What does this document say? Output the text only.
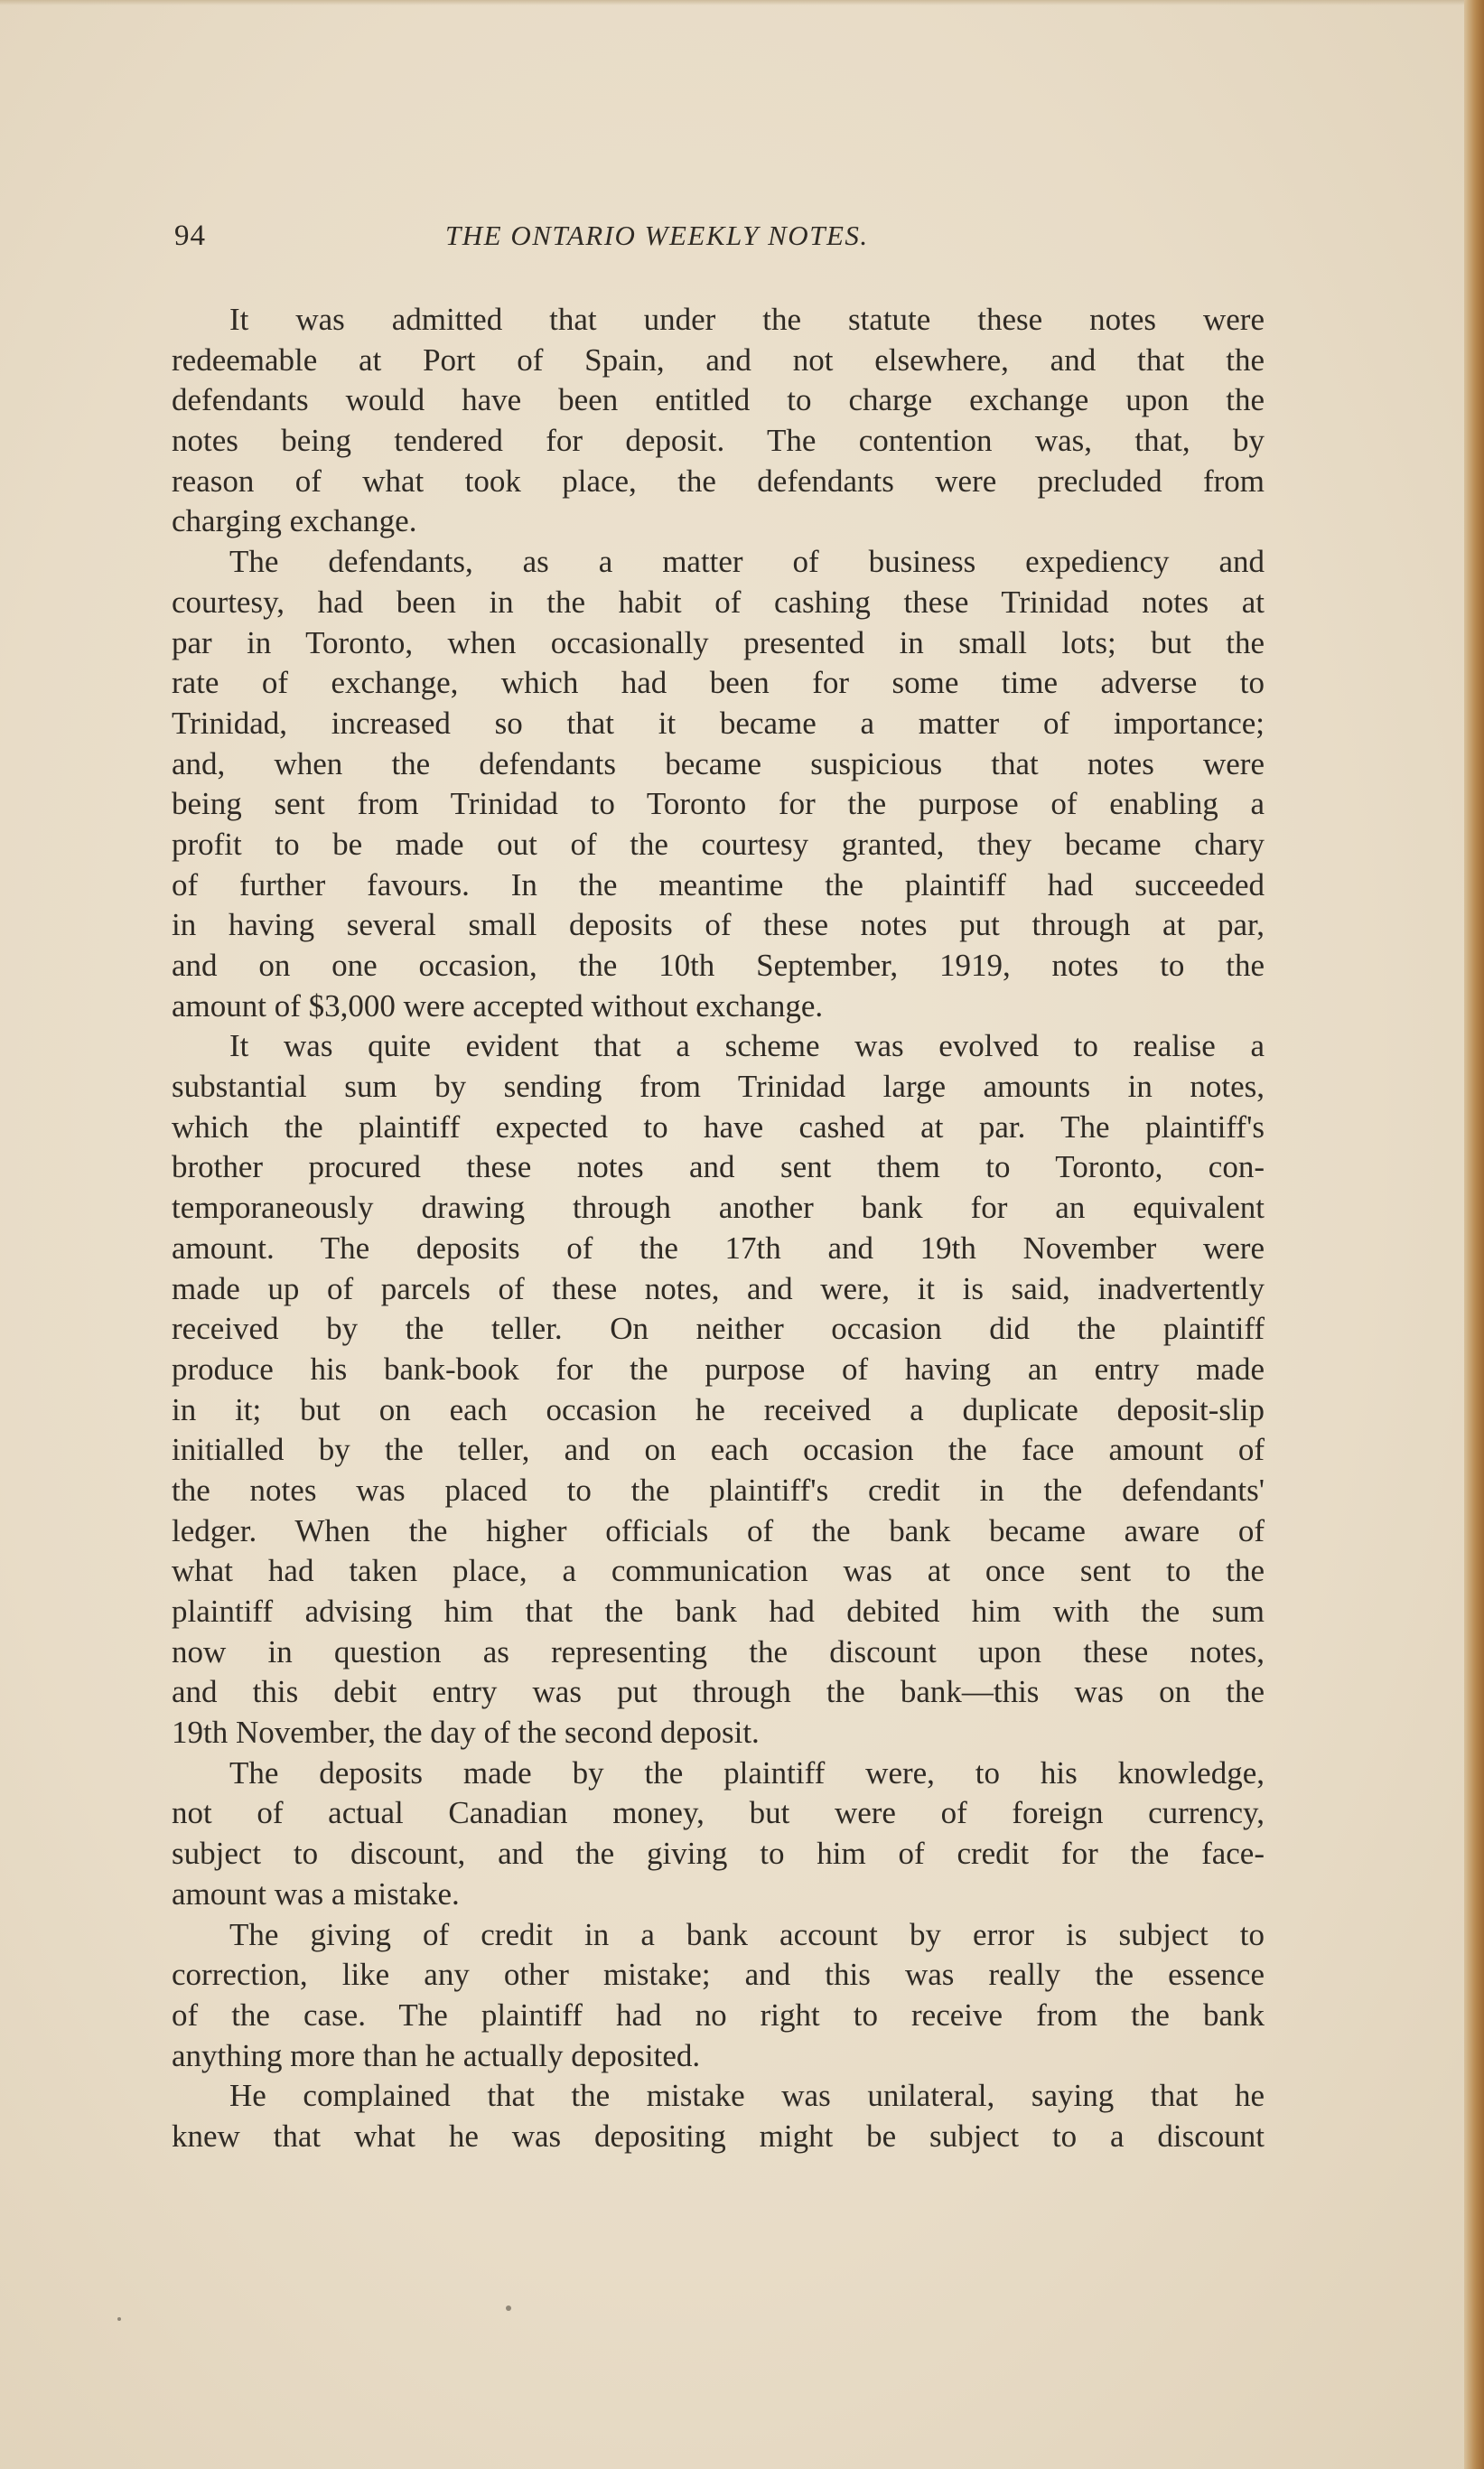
94	THE ONTARIO WEEKLY NOTES.
It was admitted that under the statute these notes were
redeemable at Port of Spain, and not elsewhere, and that the
defendants would have been entitled to charge exchange upon the
notes being tendered for deposit. The contention was, that, by
reason of what took place, the defendants were precluded from
charging exchange.
The defendants, as a matter of business expediency and
courtesy, had been in the habit of cashing these Trinidad notes at
par in Toronto, when occasionally presented in small lots; but the
rate of exchange, which had been for some time adverse to
Trinidad, increased so that it became a matter of importance;
and, when the defendants became suspicious that notes were
being sent from Trinidad to Toronto for the purpose of enabling a
profit to be made out of the courtesy granted, they became chary
of further favours. In the meantime the plaintiff had succeeded
in having several small deposits of these notes put through at par,
and on one occasion, the 10th September, 1919, notes to the
amount of $3,000 were accepted without exchange.
It was quite evident that a scheme was evolved to realise a
substantial sum by sending from Trinidad large amounts in notes,
which the plaintiff expected to have cashed at par. The plaintiff's
brother procured these notes and sent them to Toronto, con-
temporaneously drawing through another bank for an equivalent
amount. The deposits of the 17th and 19th November were
made up of parcels of these notes, and were, it is said, inadvertently
received by the teller. On neither occasion did the plaintiff
produce his bank-book for the purpose of having an entry made
in it; but on each occasion he received a duplicate deposit-slip
initialled by the teller, and on each occasion the face amount of
the notes was placed to the plaintiff's credit in the defendants'
ledger. When the higher officials of the bank became aware of
what had taken place, a communication was at once sent to the
plaintiff advising him that the bank had debited him with the sum
now in question as representing the discount upon these notes,
and this debit entry was put through the bank—this was on the
19th November, the day of the second deposit.
The deposits made by the plaintiff were, to his knowledge,
not of actual Canadian money, but were of foreign currency,
subject to discount, and the giving to him of credit for the face-
amount was a mistake.
The giving of credit in a bank account by error is subject to
correction, like any other mistake; and this was really the essence
of the case. The plaintiff had no right to receive from the bank
anything more than he actually deposited.
He complained that the mistake was unilateral, saying that he
knew that what he was depositing might be subject to a discount
